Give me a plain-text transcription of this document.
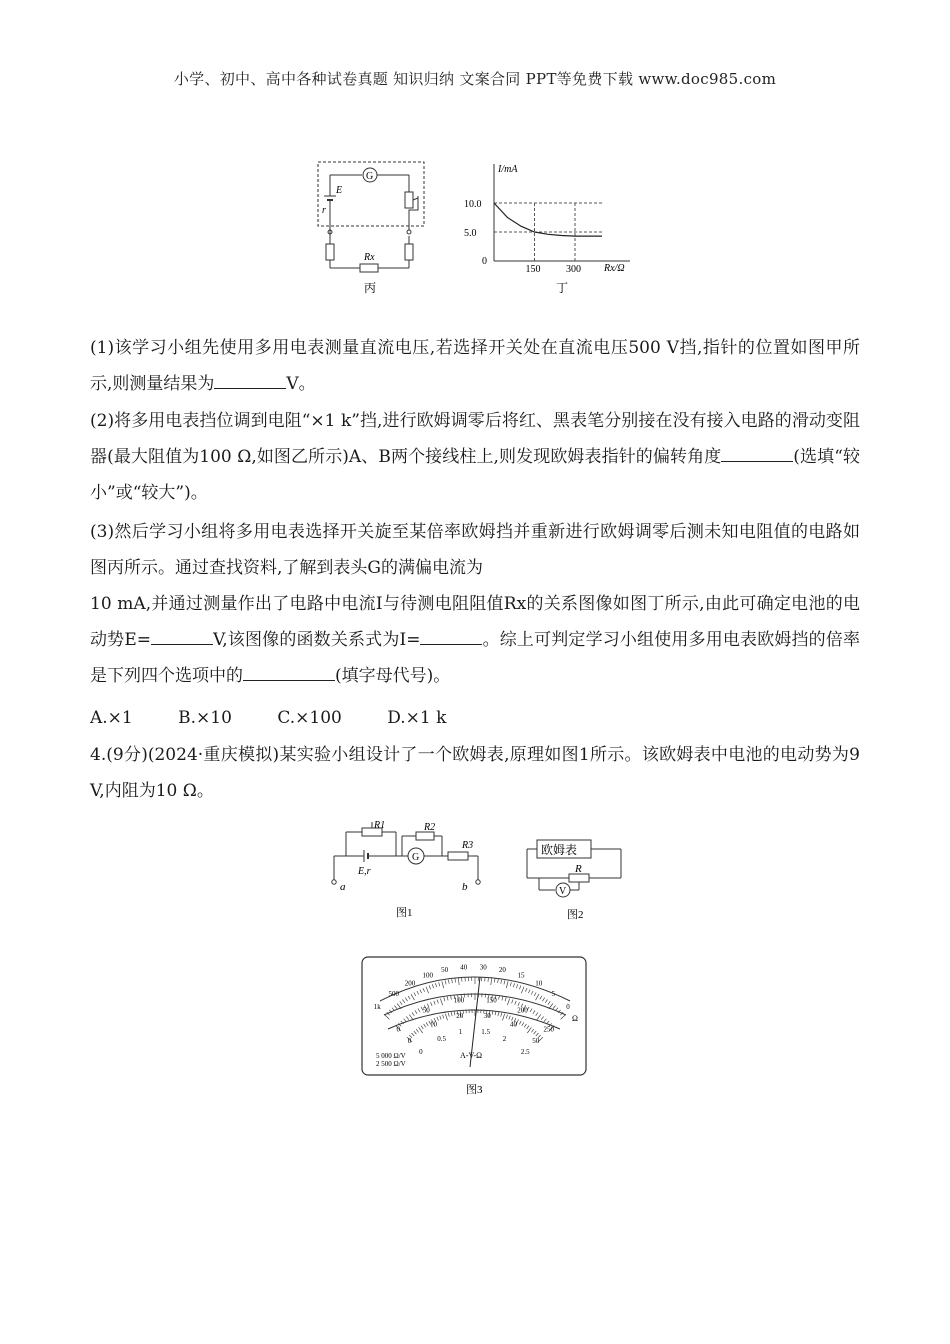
小学、初中、高中各种试卷真题 知识归纳 文案合同 PPT等免费下载 www.doc985.com
G
E
r
Rx
丙
I/mA
Rx/Ω
0
丁
5.0
10.0
150	300
(1)该学习小组先使用多用电表测量直流电压,若选择开关处在直流电压500 V挡,指针的位置如图甲所示,则测量结果为	V。
(2)将多用电表挡位调到电阻“×1 k”挡,进行欧姆调零后将红、黑表笔分别接在没有接入电路的滑动变阻器(最大阻值为100 Ω,如图乙所示)A、B两个接线柱上,则发现欧姆表指针的偏转角度	(选填“较小”或“较大”)。
(3)然后学习小组将多用电表选择开关旋至某倍率欧姆挡并重新进行欧姆调零后测未知电阻值的电路如图丙所示。通过查找资料,了解到表头G的满偏电流为
10 mA,并通过测量作出了电路中电流I与待测电阻阻值Rx的关系图像如图丁所示,由此可确定电池的电动势E=	V,该图像的函数关系式为I=	。综上可判定学习小组使用多用电表欧姆挡的倍率是下列四个选项中的	(填字母代号)。
A.×1	B.×10	C.×100	D.×1 k
4.(9分)(2024·重庆模拟)某实验小组设计了一个欧姆表,原理如图1所示。该欧姆表中电池的电动势为9 V,内阻为10 Ω。
R1
E,r
G
R2
R3
a	b
图1
欧姆表
R
V
图2
1k
500
200
100
50 40 30 20
15
10
5
0
0
50
100	150
200
250
0
10
20	30
40
50
0
0.5
1	1.5
2
2.5
A-V-Ω
5 000 Ω/V
2 500 Ω/V
Ω
图3
